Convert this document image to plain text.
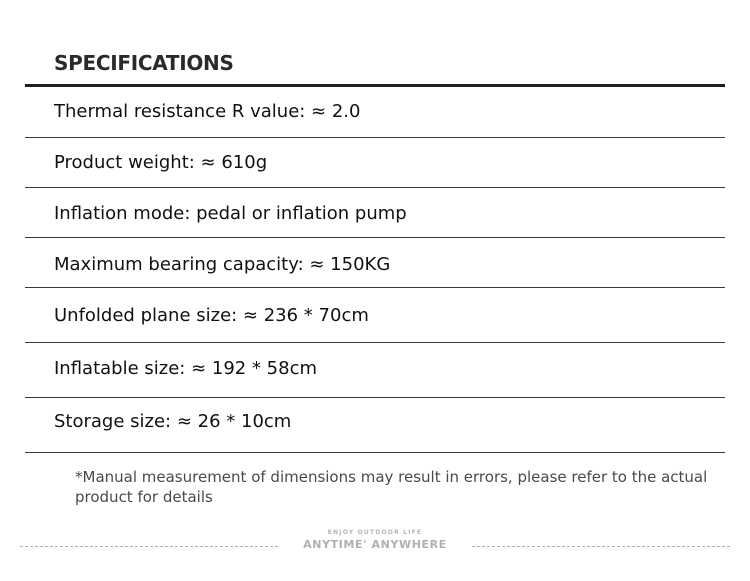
SPECIFICATIONS
Thermal resistance R value: ≈ 2.0
Product weight: ≈ 610g
Inflation mode: pedal or inflation pump
Maximum bearing capacity: ≈ 150KG
Unfolded plane size: ≈ 236 * 70cm
Inflatable size: ≈ 192 * 58cm
Storage size: ≈ 26 * 10cm
*Manual measurement of dimensions may result in errors, please refer to the actual product for details
ENJOY OUTDOOR LIFE
ANYTIME' ANYWHERE
